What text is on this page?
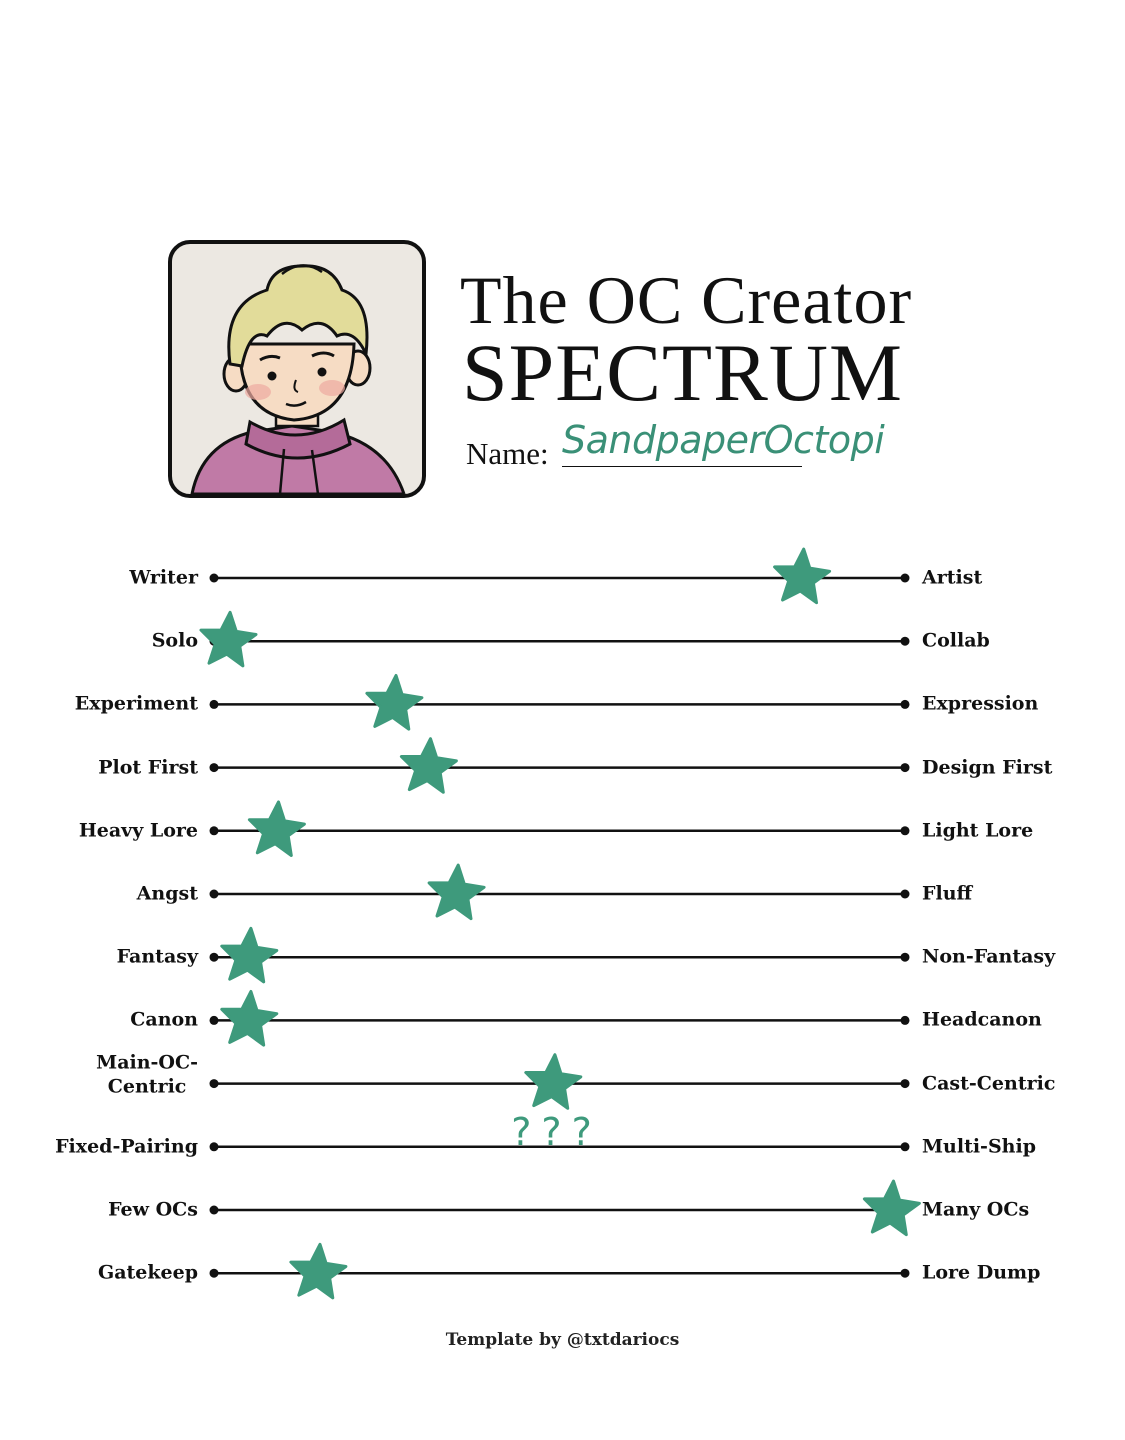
The OC Creator
SPECTRUM
Name: SandpaperOctopi
???
Writer	Artist
Solo	Collab
Experiment	Expression
Plot First	Design First
Heavy Lore	Light Lore
Angst	Fluff
Fantasy	Non-Fantasy
Canon	Headcanon
Main-OC-
Centric	Cast-Centric
Fixed-Pairing	Multi-Ship
Few OCs	Many OCs
Gatekeep	Lore Dump
Template by @txtdariocs
